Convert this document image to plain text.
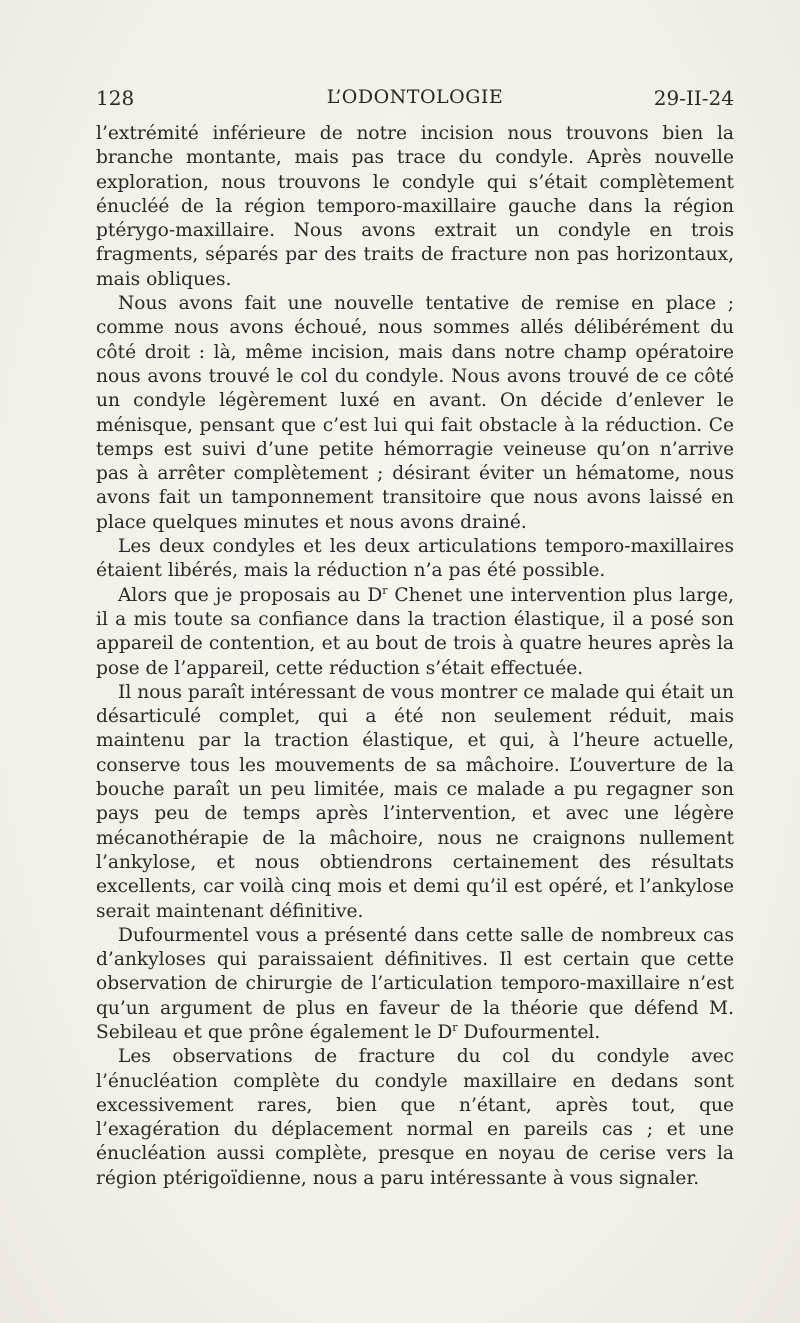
128	L’ODONTOLOGIE	29-II-24

l’extrémité inférieure de notre incision nous trouvons bien la branche montante, mais pas trace du condyle. Après nouvelle exploration, nous trouvons le condyle qui s’était complètement énucléé de la région temporo-maxillaire gauche dans la région ptérygo-maxillaire. Nous avons extrait un condyle en trois fragments, séparés par des traits de fracture non pas horizontaux, mais obliques.

Nous avons fait une nouvelle tentative de remise en place ; comme nous avons échoué, nous sommes allés délibérément du côté droit : là, même incision, mais dans notre champ opératoire nous avons trouvé le col du condyle. Nous avons trouvé de ce côté un condyle légèrement luxé en avant. On décide d’enlever le ménisque, pensant que c’est lui qui fait obstacle à la réduction. Ce temps est suivi d’une petite hémorragie veineuse qu’on n’arrive pas à arrêter complètement ; désirant éviter un hématome, nous avons fait un tamponnement transitoire que nous avons laissé en place quelques minutes et nous avons drainé.

Les deux condyles et les deux articulations temporo-maxillaires étaient libérés, mais la réduction n’a pas été possible.

Alors que je proposais au $D^r$ Chenet une intervention plus large, il a mis toute sa confiance dans la traction élastique, il a posé son appareil de contention, et au bout de trois à quatre heures après la pose de l’appareil, cette réduction s’était effectuée.

Il nous paraît intéressant de vous montrer ce malade qui était un désarticulé complet, qui a été non seulement réduit, mais maintenu par la traction élastique, et qui, à l’heure actuelle, conserve tous les mouvements de sa mâchoire. L’ouverture de la bouche paraît un peu limitée, mais ce malade a pu regagner son pays peu de temps après l’intervention, et avec une légère mécanothérapie de la mâchoire, nous ne craignons nullement l’ankylose, et nous obtiendrons certainement des résultats excellents, car voilà cinq mois et demi qu’il est opéré, et l’ankylose serait maintenant définitive.

Dufourmentel vous a présenté dans cette salle de nombreux cas d’ankyloses qui paraissaient définitives. Il est certain que cette observation de chirurgie de l’articulation temporo-maxillaire n’est qu’un argument de plus en faveur de la théorie que défend M. Sebileau et que prône également le $D^r$ Dufourmentel.

Les observations de fracture du col du condyle avec l’énucléation complète du condyle maxillaire en dedans sont excessivement rares, bien que n’étant, après tout, que l’exagération du déplacement normal en pareils cas ; et une énucléation aussi complète, presque en noyau de cerise vers la région ptérigoïdienne, nous a paru intéressante à vous signaler.
